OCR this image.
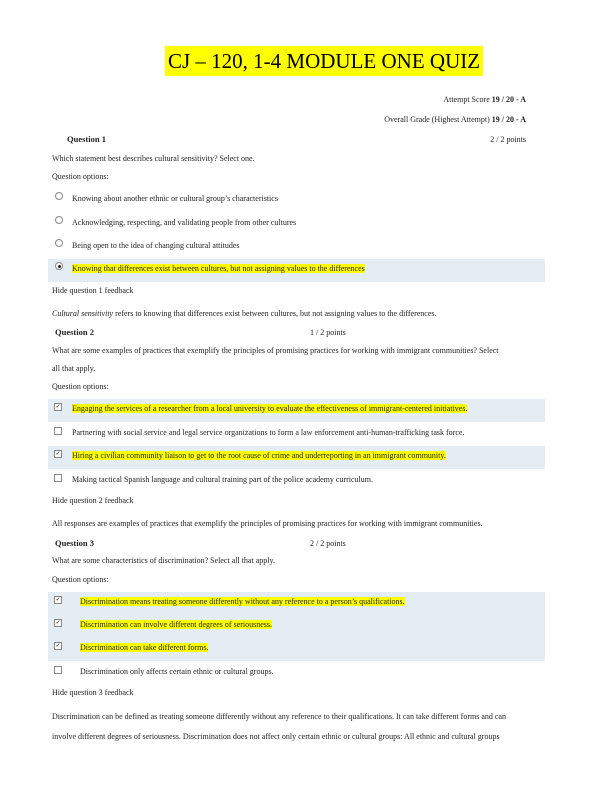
CJ – 120, 1-4 MODULE ONE QUIZ
Attempt Score 19 / 20 - A
Overall Grade (Highest Attempt) 19 / 20 - A
Question 1	2 / 2 points
Which statement best describes cultural sensitivity? Select one.
Question options:
Knowing about another ethnic or cultural group’s characteristics
Acknowledging, respecting, and validating people from other cultures
Being open to the idea of changing cultural attitudes
Knowing that differences exist between cultures, but not assigning values to the differences
Hide question 1 feedback
Cultural sensitivity refers to knowing that differences exist between cultures, but not assigning values to the differences.
Question 2	1 / 2 points
What are some examples of practices that exemplify the principles of promising practices for working with immigrant communities? Select
all that apply.
Question options:
✓ Engaging the services of a researcher from a local university to evaluate the effectiveness of immigrant-centered initiatives.
Partnering with social service and legal service organizations to form a law enforcement anti-human-trafficking task force.
✓ Hiring a civilian community liaison to get to the root cause of crime and underreporting in an immigrant community.
Making tactical Spanish language and cultural training part of the police academy curriculum.
Hide question 2 feedback
All responses are examples of practices that exemplify the principles of promising practices for working with immigrant communities.
Question 3	2 / 2 points
What are some characteristics of discrimination? Select all that apply.
Question options:
✓ Discrimination means treating someone differently without any reference to a person’s qualifications.
✓ Discrimination can involve different degrees of seriousness.
✓ Discrimination can take different forms.
Discrimination only affects certain ethnic or cultural groups.
Hide question 3 feedback
Discrimination can be defined as treating someone differently without any reference to their qualifications. It can take different forms and can
involve different degrees of seriousness. Discrimination does not affect only certain ethnic or cultural groups: All ethnic and cultural groups
